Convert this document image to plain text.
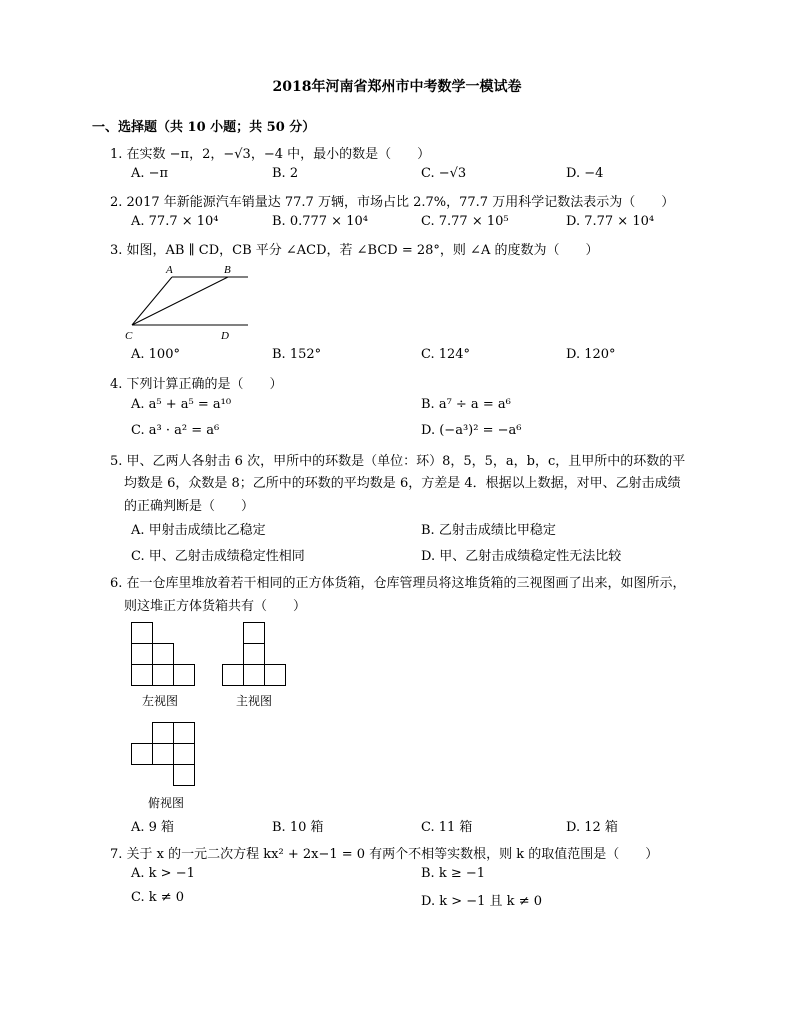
2018年河南省郑州市中考数学一模试卷
一、选择题（共 10 小题；共 50 分）
1. 在实数 −π，2，−√3，−4 中，最小的数是（　　）
A. −π	B. 2	C. −√3	D. −4
2. 2017 年新能源汽车销量达 77.7 万辆，市场占比 2.7%，77.7 万用科学记数法表示为（　　）
A. 77.7 × 10⁴	B. 0.777 × 10⁴	C. 7.77 × 10⁵	D. 7.77 × 10⁴
3. 如图，AB ∥ CD，CB 平分 ∠ACD，若 ∠BCD = 28°，则 ∠A 的度数为（　　）
A	B
C	D
A. 100°	B. 152°	C. 124°	D. 120°
4. 下列计算正确的是（　　）
A. a⁵ + a⁵ = a¹⁰	B. a⁷ ÷ a = a⁶
C. a³ · a² = a⁶	D. (−a³)² = −a⁶
5. 甲、乙两人各射击 6 次，甲所中的环数是（单位：环）8，5，5，a，b，c，且甲所中的环数的平
均数是 6，众数是 8；乙所中的环数的平均数是 6，方差是 4．根据以上数据，对甲、乙射击成绩
的正确判断是（　　）
A. 甲射击成绩比乙稳定	B. 乙射击成绩比甲稳定
C. 甲、乙射击成绩稳定性相同	D. 甲、乙射击成绩稳定性无法比较
6. 在一仓库里堆放着若干相同的正方体货箱，仓库管理员将这堆货箱的三视图画了出来，如图所示，
则这堆正方体货箱共有（　　）
左视图	主视图
俯视图
A. 9 箱	B. 10 箱	C. 11 箱	D. 12 箱
7. 关于 x 的一元二次方程 kx² + 2x−1 = 0 有两个不相等实数根，则 k 的取值范围是（　　）
A. k > −1	B. k ≥ −1
C. k ≠ 0	D. k > −1 且 k ≠ 0
